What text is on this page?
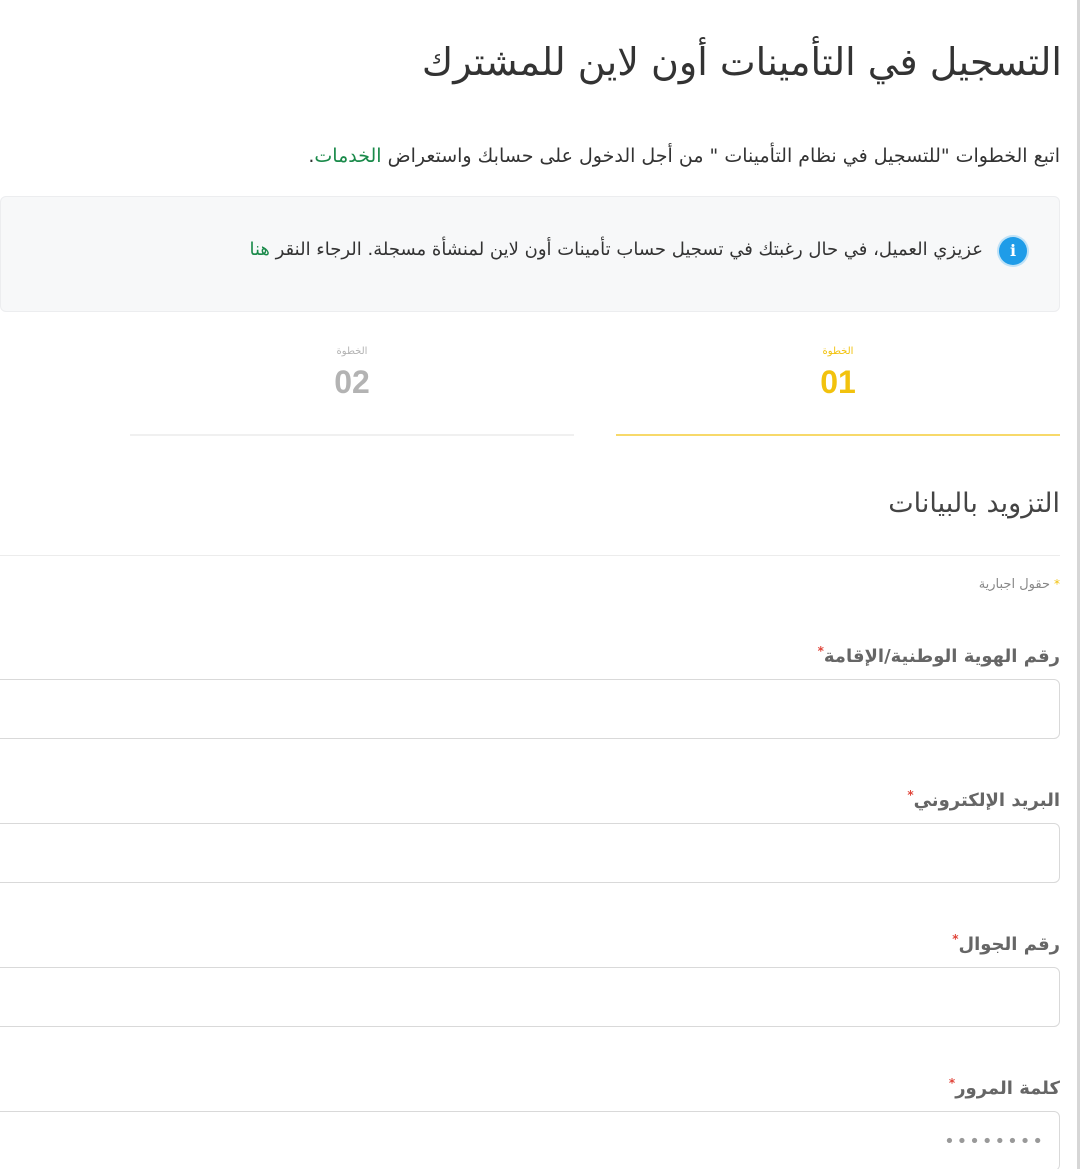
التسجيل في التأمينات أون لاين للمشترك

اتبع الخطوات "للتسجيل في نظام التأمينات " من أجل الدخول على حسابك واستعراض الخدمات.

i
عزيزي العميل، في حال رغبتك في تسجيل حساب تأمينات أون لاين لمنشأة مسجلة. الرجاء النقر هنا
الخطوة
01
الخطوة
02
التزويد بالبيانات
*حقول اجبارية
رقم الهوية الوطنية/الإقامة*
البريد الإلكتروني*
رقم الجوال*
كلمة المرور*
••••••••
